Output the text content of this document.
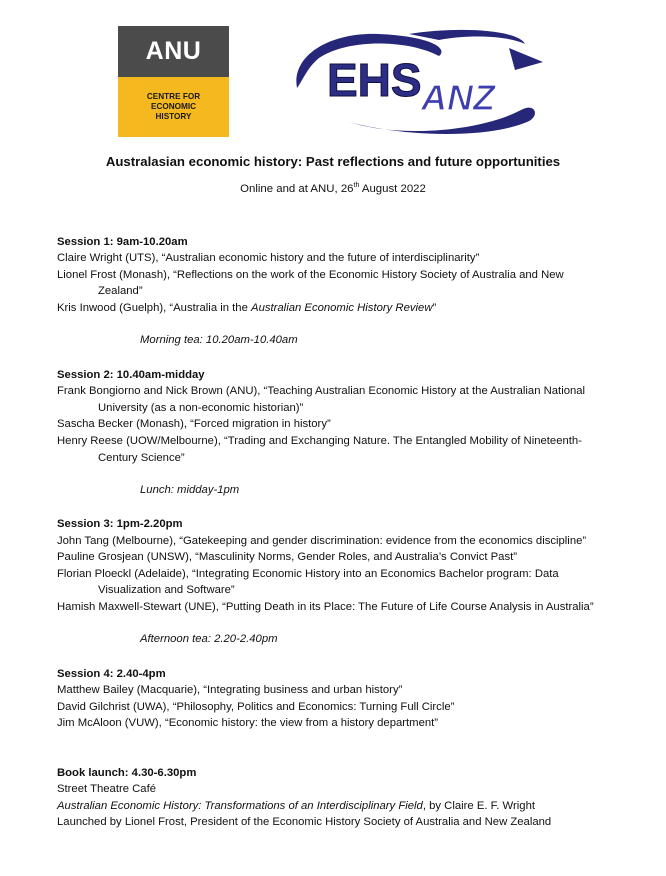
ANU
CENTRE FOR
ECONOMIC
HISTORY
EHS ANZ
Australasian economic history: Past reflections and future opportunities
Online and at ANU, 26th August 2022
Session 1: 9am-10.20am
Claire Wright (UTS), “Australian economic history and the future of interdisciplinarity”
Lionel Frost (Monash), “Reflections on the work of the Economic History Society of Australia and New
Zealand”
Kris Inwood (Guelph), “Australia in the Australian Economic History Review”
Morning tea: 10.20am-10.40am
Session 2: 10.40am-midday
Frank Bongiorno and Nick Brown (ANU), “Teaching Australian Economic History at the Australian National
University (as a non-economic historian)”
Sascha Becker (Monash), “Forced migration in history”
Henry Reese (UOW/Melbourne), “Trading and Exchanging Nature. The Entangled Mobility of Nineteenth-
Century Science”
Lunch: midday-1pm
Session 3: 1pm-2.20pm
John Tang (Melbourne), “Gatekeeping and gender discrimination: evidence from the economics discipline”
Pauline Grosjean (UNSW), “Masculinity Norms, Gender Roles, and Australia’s Convict Past”
Florian Ploeckl (Adelaide), “Integrating Economic History into an Economics Bachelor program: Data
Visualization and Software”
Hamish Maxwell-Stewart (UNE), “Putting Death in its Place: The Future of Life Course Analysis in Australia”
Afternoon tea: 2.20-2.40pm
Session 4: 2.40-4pm
Matthew Bailey (Macquarie), “Integrating business and urban history”
David Gilchrist (UWA), “Philosophy, Politics and Economics: Turning Full Circle”
Jim McAloon (VUW), “Economic history: the view from a history department”
Book launch: 4.30-6.30pm
Street Theatre Café
Australian Economic History: Transformations of an Interdisciplinary Field, by Claire E. F. Wright
Launched by Lionel Frost, President of the Economic History Society of Australia and New Zealand
